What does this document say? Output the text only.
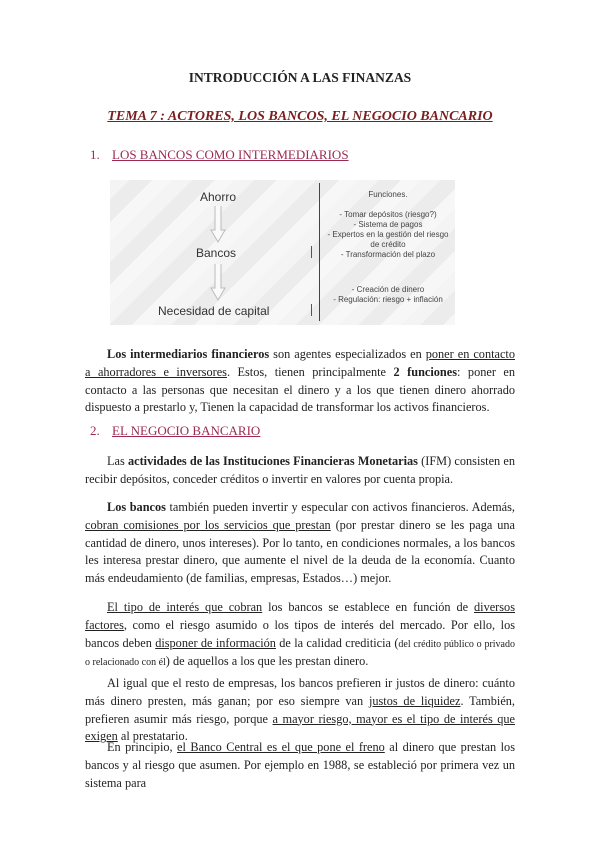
INTRODUCCIÓN A LAS FINANZAS
TEMA 7 : ACTORES, LOS BANCOS, EL NEGOCIO BANCARIO
1. LOS BANCOS COMO INTERMEDIARIOS
Ahorro
Bancos
Necesidad de capital
Funciones.
- Tomar depósitos (riesgo?)
- Sistema de pagos
- Expertos en la gestión del riesgo de crédito
- Transformación del plazo
- Creación de dinero
- Regulación: riesgo + inflación
Los intermediarios financieros son agentes especializados en poner en contacto a ahorradores e inversores. Estos, tienen principalmente 2 funciones: poner en contacto a las personas que necesitan el dinero y a los que tienen dinero ahorrado dispuesto a prestarlo y, Tienen la capacidad de transformar los activos financieros.
2. EL NEGOCIO BANCARIO
Las actividades de las Instituciones Financieras Monetarias (IFM) consisten en recibir depósitos, conceder créditos o invertir en valores por cuenta propia.
Los bancos también pueden invertir y especular con activos financieros. Además, cobran comisiones por los servicios que prestan (por prestar dinero se les paga una cantidad de dinero, unos intereses). Por lo tanto, en condiciones normales, a los bancos les interesa prestar dinero, que aumente el nivel de la deuda de la economía. Cuanto más endeudamiento (de familias, empresas, Estados…) mejor.
El tipo de interés que cobran los bancos se establece en función de diversos factores, como el riesgo asumido o los tipos de interés del mercado. Por ello, los bancos deben disponer de información de la calidad crediticia (del crédito público o privado o relacionado con él) de aquellos a los que les prestan dinero.
Al igual que el resto de empresas, los bancos prefieren ir justos de dinero: cuánto más dinero presten, más ganan; por eso siempre van justos de liquidez. También, prefieren asumir más riesgo, porque a mayor riesgo, mayor es el tipo de interés que exigen al prestatario.
En principio, el Banco Central es el que pone el freno al dinero que prestan los bancos y al riesgo que asumen. Por ejemplo en 1988, se estableció por primera vez un sistema para
